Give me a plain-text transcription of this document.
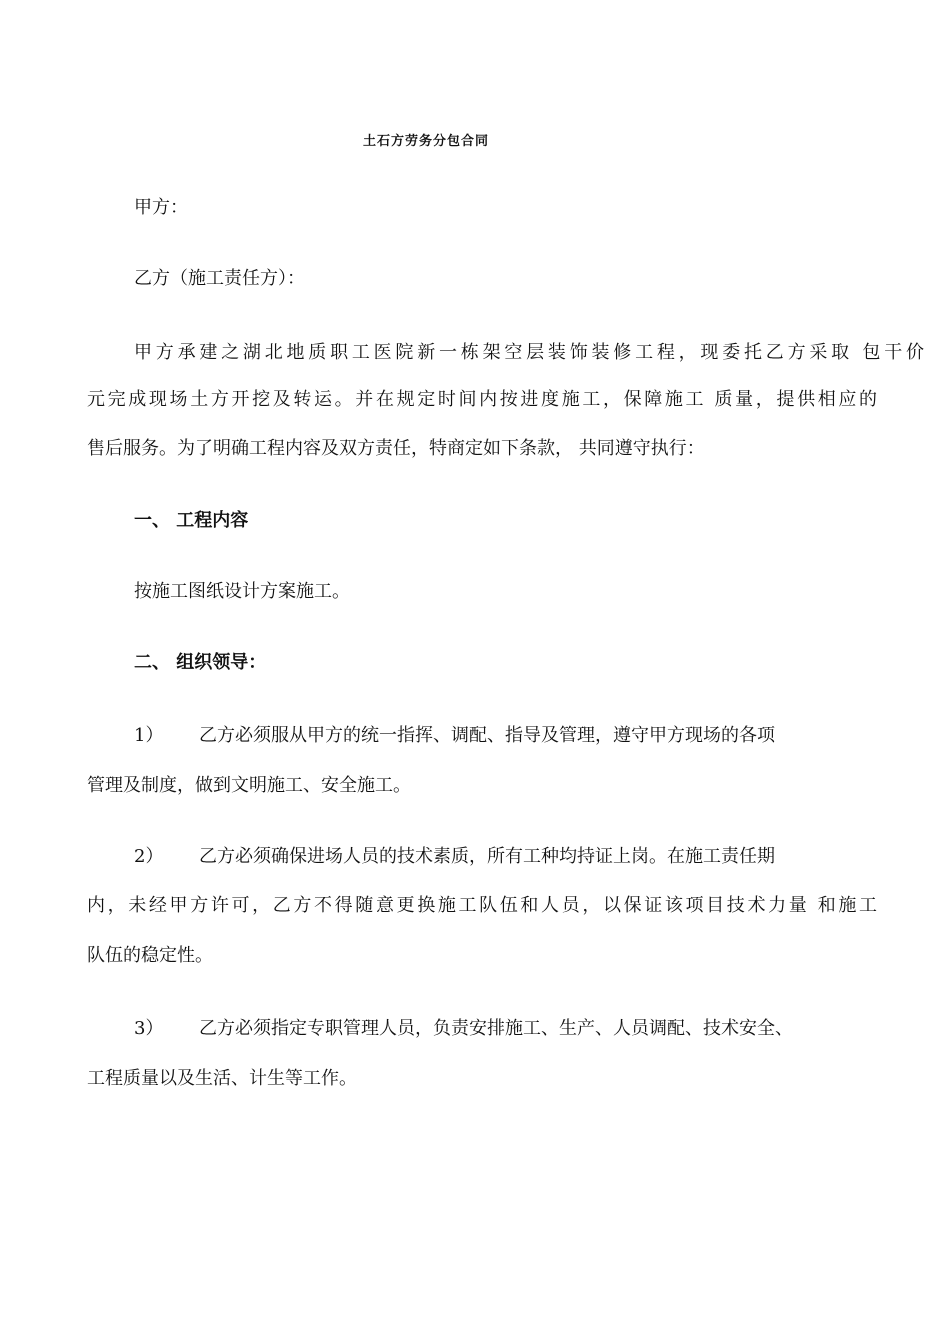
土石方劳务分包合同
甲方：
乙方（施工责任方）：
甲方承建之湖北地质职工医院新一栋架空层装饰装修工程，现委托乙方采取 包干价
元完成现场土方开挖及转运。并在规定时间内按进度施工，保障施工 质量，提供相应的
售后服务。为了明确工程内容及双方责任，特商定如下条款， 共同遵守执行：
一、 工程内容
按施工图纸设计方案施工。
二、 组织领导：
1） 乙方必须服从甲方的统一指挥、调配、指导及管理，遵守甲方现场的各项
管理及制度，做到文明施工、安全施工。
2） 乙方必须确保进场人员的技术素质，所有工种均持证上岗。在施工责任期
内，未经甲方许可，乙方不得随意更换施工队伍和人员，以保证该项目技术力量 和施工
队伍的稳定性。
3） 乙方必须指定专职管理人员，负责安排施工、生产、人员调配、技术安全、
工程质量以及生活、计生等工作。
